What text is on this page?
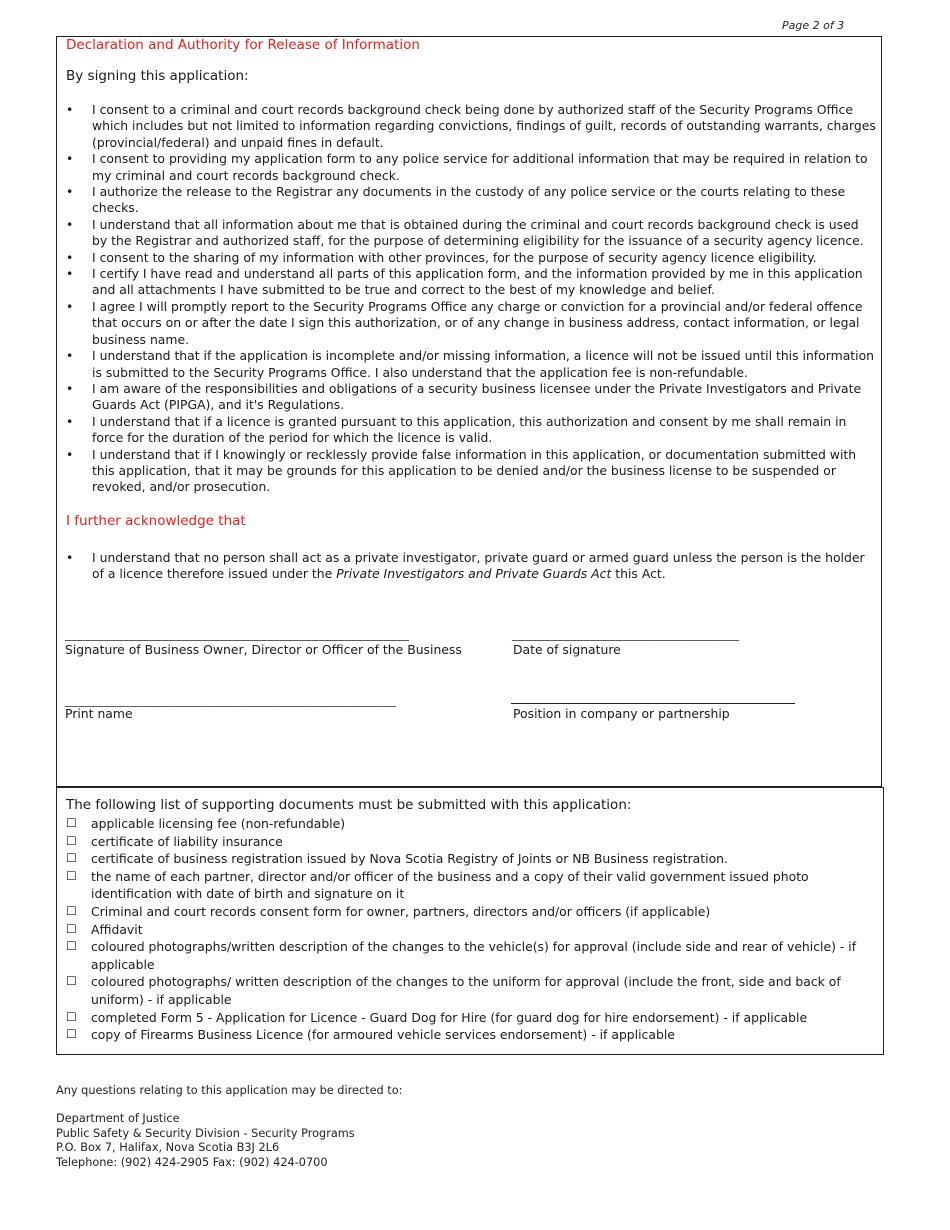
Page 2 of 3
Declaration and Authority for Release of Information
By signing this application:
• I consent to a criminal and court records background check being done by authorized staff of the Security Programs Office which includes but not limited to information regarding convictions, findings of guilt, records of outstanding warrants, charges (provincial/federal) and unpaid fines in default.
• I consent to providing my application form to any police service for additional information that may be required in relation to my criminal and court records background check.
• I authorize the release to the Registrar any documents in the custody of any police service or the courts relating to these checks.
• I understand that all information about me that is obtained during the criminal and court records background check is used by the Registrar and authorized staff, for the purpose of determining eligibility for the issuance of a security agency licence.
• I consent to the sharing of my information with other provinces, for the purpose of security agency licence eligibility.
• I certify I have read and understand all parts of this application form, and the information provided by me in this application and all attachments I have submitted to be true and correct to the best of my knowledge and belief.
• I agree I will promptly report to the Security Programs Office any charge or conviction for a provincial and/or federal offence that occurs on or after the date I sign this authorization, or of any change in business address, contact information, or legal business name.
• I understand that if the application is incomplete and/or missing information, a licence will not be issued until this information is submitted to the Security Programs Office. I also understand that the application fee is non-refundable.
• I am aware of the responsibilities and obligations of a security business licensee under the Private Investigators and Private Guards Act (PIPGA), and it's Regulations.
• I understand that if a licence is granted pursuant to this application, this authorization and consent by me shall remain in force for the duration of the period for which the licence is valid.
• I understand that if I knowingly or recklessly provide false information in this application, or documentation submitted with this application, that it may be grounds for this application to be denied and/or the business license to be suspended or revoked, and/or prosecution.
I further acknowledge that
• I understand that no person shall act as a private investigator, private guard or armed guard unless the person is the holder of a licence therefore issued under the Private Investigators and Private Guards Act this Act.
_____________________________________________________
Signature of Business Owner, Director or Officer of the Business
___________________________________
Date of signature
___________________________________________________
Print name	Position in company or partnership
The following list of supporting documents must be submitted with this application:
☐ applicable licensing fee (non-refundable)
☐ certificate of liability insurance
☐ certificate of business registration issued by Nova Scotia Registry of Joints or NB Business registration.
☐ the name of each partner, director and/or officer of the business and a copy of their valid government issued photo identification with date of birth and signature on it
☐ Criminal and court records consent form for owner, partners, directors and/or officers (if applicable)
☐ Affidavit
☐ coloured photographs/written description of the changes to the vehicle(s) for approval (include side and rear of vehicle) - if applicable
☐ coloured photographs/ written description of the changes to the uniform for approval (include the front, side and back of uniform) - if applicable
☐ completed Form 5 - Application for Licence - Guard Dog for Hire (for guard dog for hire endorsement) - if applicable
☐ copy of Firearms Business Licence (for armoured vehicle services endorsement) - if applicable
Any questions relating to this application may be directed to:
Department of Justice
Public Safety & Security Division - Security Programs
P.O. Box 7, Halifax, Nova Scotia B3J 2L6
Telephone: (902) 424-2905 Fax: (902) 424-0700
